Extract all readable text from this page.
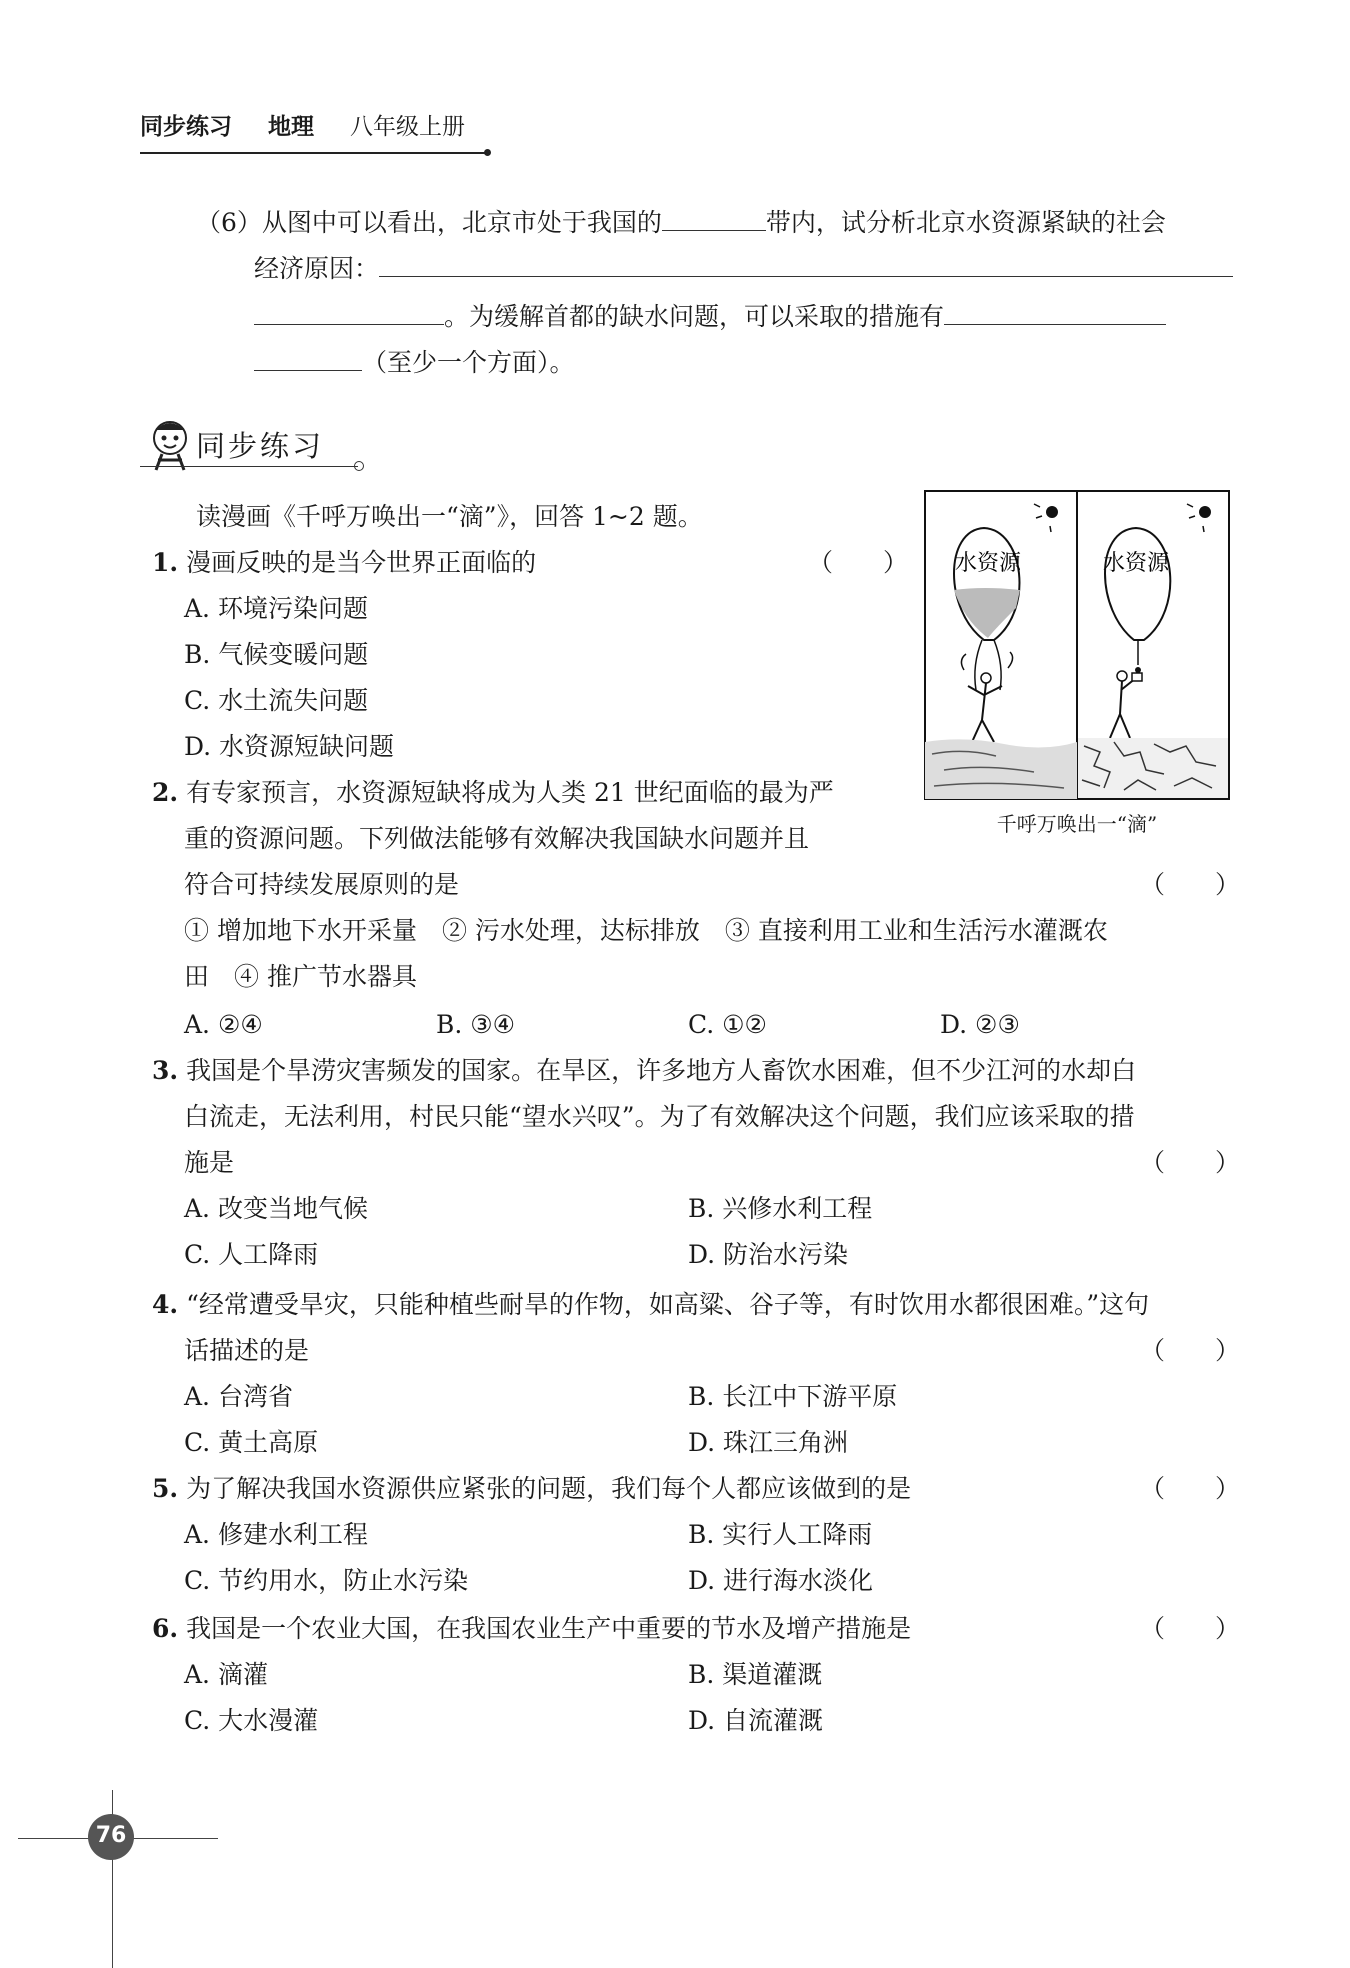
同步练习 地理 八年级上册
（6）从图中可以看出，北京市处于我国的	带内，试分析北京水资源紧缺的社会
经济原因：
。为缓解首都的缺水问题，可以采取的措施有
（至少一个方面）。
同步练习
读漫画《千呼万唤出一“滴”》，回答 1~2 题。
水资源	水资源
千呼万唤出一“滴”
1. 漫画反映的是当今世界正面临的	（　　）
A. 环境污染问题
B. 气候变暖问题
C. 水土流失问题
D. 水资源短缺问题
2. 有专家预言，水资源短缺将成为人类 21 世纪面临的最为严
重的资源问题。下列做法能够有效解决我国缺水问题并且
符合可持续发展原则的是	（　　）
① 增加地下水开采量　② 污水处理，达标排放　③ 直接利用工业和生活污水灌溉农
田　④ 推广节水器具
A. ②④	B. ③④	C. ①②	D. ②③
3. 我国是个旱涝灾害频发的国家。在旱区，许多地方人畜饮水困难，但不少江河的水却白
白流走，无法利用，村民只能“望水兴叹”。为了有效解决这个问题，我们应该采取的措
施是	（　　）
A. 改变当地气候	B. 兴修水利工程
C. 人工降雨	D. 防治水污染
4. “经常遭受旱灾，只能种植些耐旱的作物，如高粱、谷子等，有时饮用水都很困难。”这句
话描述的是	（　　）
A. 台湾省	B. 长江中下游平原
C. 黄土高原	D. 珠江三角洲
5. 为了解决我国水资源供应紧张的问题，我们每个人都应该做到的是	（　　）
A. 修建水利工程	B. 实行人工降雨
C. 节约用水，防止水污染	D. 进行海水淡化
6. 我国是一个农业大国，在我国农业生产中重要的节水及增产措施是	（　　）
A. 滴灌	B. 渠道灌溉
C. 大水漫灌	D. 自流灌溉
76
